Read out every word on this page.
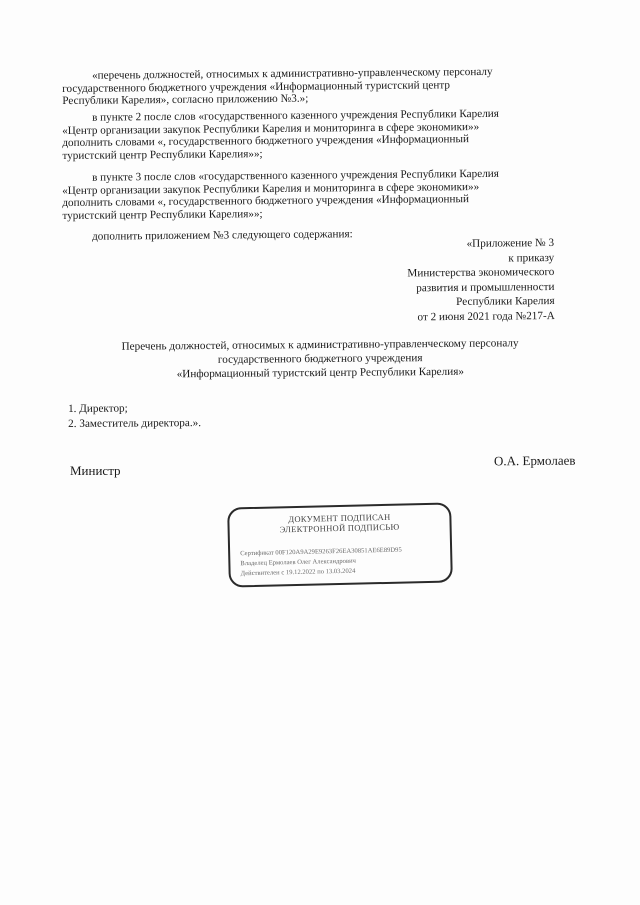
«перечень должностей, относимых к административно-управленческому персоналу
государственного бюджетного учреждения «Информационный туристский центр
Республики Карелия», согласно приложению №3.»;
в пункте 2 после слов «государственного казенного учреждения Республики Карелия
«Центр организации закупок Республики Карелия и мониторинга в сфере экономики»»
дополнить словами «, государственного бюджетного учреждения «Информационный
туристский центр Республики Карелия»»;
в пункте 3 после слов «государственного казенного учреждения Республики Карелия
«Центр организации закупок Республики Карелия и мониторинга в сфере экономики»»
дополнить словами «, государственного бюджетного учреждения «Информационный
туристский центр Республики Карелия»»;
дополнить приложением №3 следующего содержания:
«Приложение № 3
к приказу
Министерства экономического
развития и промышленности
Республики Карелия
от 2 июня 2021 года №217-А
Перечень должностей, относимых к административно-управленческому персоналу
государственного бюджетного учреждения
«Информационный туристский центр Республики Карелия»
1. Директор;
2. Заместитель директора.».
Министр
О.А. Ермолаев
ДОКУМЕНТ ПОДПИСАН
ЭЛЕКТРОННОЙ ПОДПИСЬЮ
Сертификат 00F120A9A29E9263F26EA30851AE6E89D95
Владелец Ермолаев Олег Александрович
Действителен с 19.12.2022 по 13.03.2024
